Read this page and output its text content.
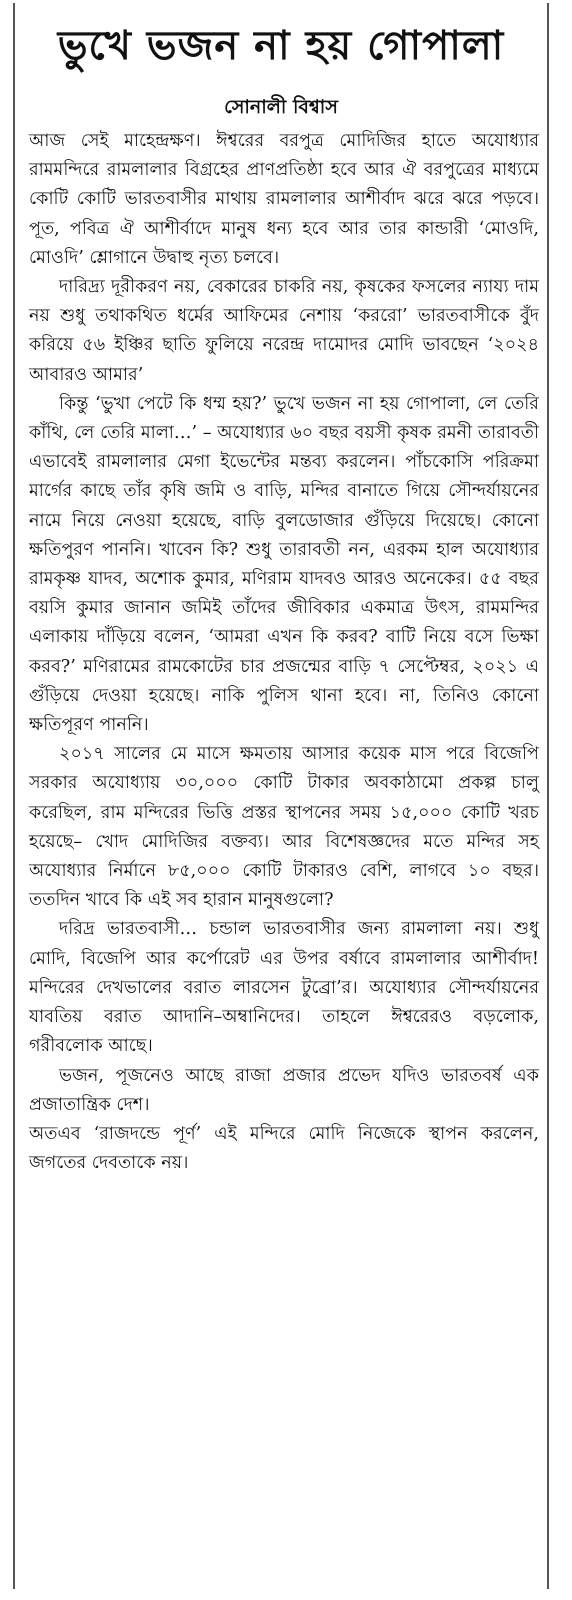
ভুখে ভজন না হয় গোপালা
সোনালী বিশ্বাস

আজ সেই মাহেন্দ্রক্ষণ। ঈশ্বরের বরপুত্র মোদিজির হাতে অযোধ্যার রামমন্দিরে রামলালার বিগ্রহের প্রাণপ্রতিষ্ঠা হবে আর ঐ বরপুত্রের মাধ্যমে কোটি কোটি ভারতবাসীর মাথায় রামলালার আশীর্বাদ ঝরে ঝরে পড়বে। পূত, পবিত্র ঐ আশীর্বাদে মানুষ ধন্য হবে আর তার কান্ডারী ‘মোওদি, মোওদি’ শ্লোগানে উদ্বাহু নৃত্য চলবে।

দারিদ্র্য দূরীকরণ নয়, বেকারের চাকরি নয়, কৃষকের ফসলের ন্যায্য দাম নয় শুধু তথাকথিত ধর্মের আফিমের নেশায় ‘কররো’ ভারতবাসীকে বুঁদ করিয়ে ৫৬ ইঞ্চির ছাতি ফুলিয়ে নরেন্দ্র দামোদর মোদি ভাবছেন ‘২০২৪ আবারও আমার’

কিন্তু ‘ভুখা পেটে কি ধম্ম হয়?’ ভুখে ভজন না হয় গোপালা, লে তেরি কাঁথি, লে তেরি মালা…’ – অযোধ্যার ৬০ বছর বয়সী কৃষক রমনী তারাবতী এভাবেই রামলালার মেগা ইভেন্টের মন্তব্য করলেন। পাঁচকোসি পরিক্রমা মার্গের কাছে তাঁর কৃষি জমি ও বাড়ি, মন্দির বানাতে গিয়ে সৌন্দর্যায়নের নামে নিয়ে নেওয়া হয়েছে, বাড়ি বুলডোজার গুঁড়িয়ে দিয়েছে। কোনো ক্ষতিপুরণ পাননি। খাবেন কি? শুধু তারাবতী নন, এরকম হাল অযোধ্যার রামকৃষ্ণ যাদব, অশোক কুমার, মণিরাম যাদবও আরও অনেকের। ৫৫ বছর বয়সি কুমার জানান জমিই তাঁদের জীবিকার একমাত্র উৎস, রামমন্দির এলাকায় দাঁড়িয়ে বলেন, ‘আমরা এখন কি করব? বাটি নিয়ে বসে ভিক্ষা করব?’ মণিরামের রামকোটের চার প্রজন্মের বাড়ি ৭ সেপ্টেম্বর, ২০২১ এ গুঁড়িয়ে দেওয়া হয়েছে। নাকি পুলিস থানা হবে। না, তিনিও কোনো ক্ষতিপূরণ পাননি।

২০১৭ সালের মে মাসে ক্ষমতায় আসার কয়েক মাস পরে বিজেপি সরকার অযোধ্যায় ৩০,০০০ কোটি টাকার অবকাঠামো প্রকল্প চালু করেছিল, রাম মন্দিরের ভিত্তি প্রস্তর স্থাপনের সময় ১৫,০০০ কোটি খরচ হয়েছে– খোদ মোদিজির বক্তব্য। আর বিশেষজ্ঞদের মতে মন্দির সহ অযোধ্যার নির্মানে ৮৫,০০০ কোটি টাকারও বেশি, লাগবে ১০ বছর। ততদিন খাবে কি এই সব হারান মানুষগুলো?

দরিদ্র ভারতবাসী… চন্ডাল ভারতবাসীর জন্য রামলালা নয়। শুধু মোদি, বিজেপি আর কর্পোরেট এর উপর বর্ষাবে রামলালার আশীর্বাদ! মন্দিরের দেখভালের বরাত লারসেন টুব্রো’র। অযোধ্যার সৌন্দর্যায়নের যাবতিয় বরাত আদানি–অম্বানিদের। তাহলে ঈশ্বরেরও বড়লোক, গরীবলোক আছে।

ভজন, পূজনেও আছে রাজা প্রজার প্রভেদ যদিও ভারতবর্ষ এক প্রজাতান্ত্রিক দেশ।

অতএব ‘রাজদন্ডে পূর্ণ’ এই মন্দিরে মোদি নিজেকে স্থাপন করলেন, জগতের দেবতাকে নয়।
